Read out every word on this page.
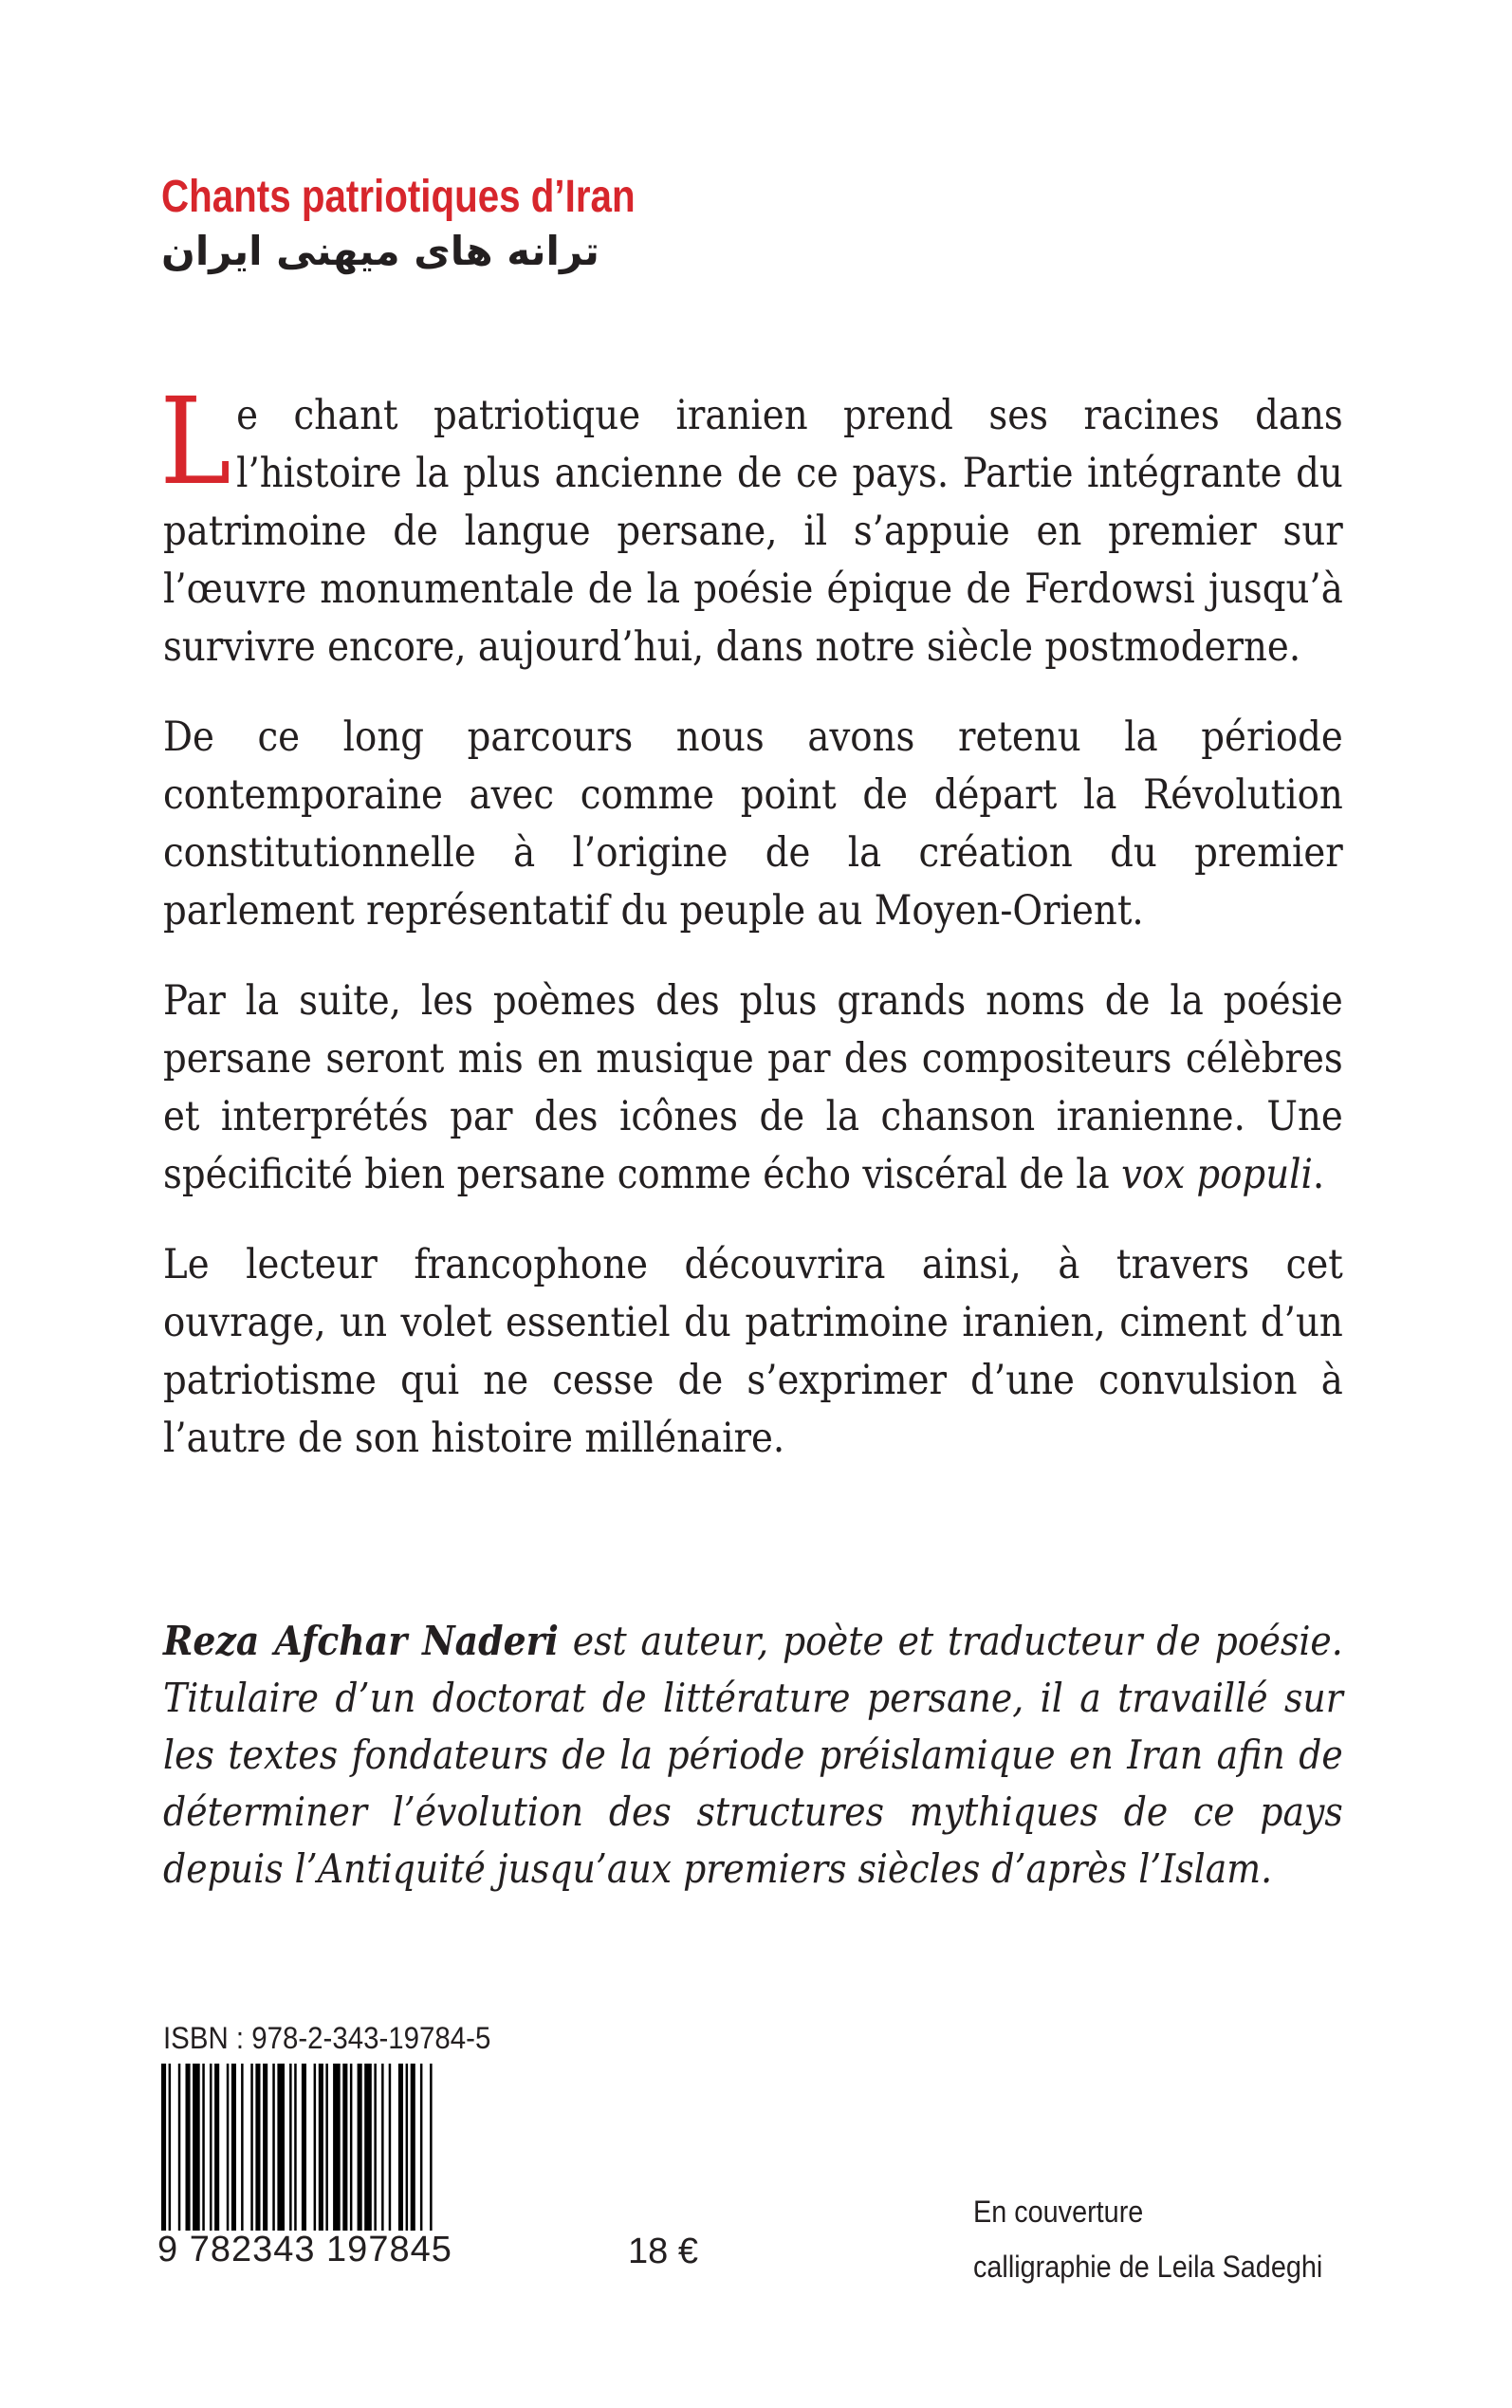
Chants patriotiques d’Iran
ترانه های میهنی ایران

Le chant patriotique iranien prend ses racines dans l’histoire la plus ancienne de ce pays. Partie intégrante du patrimoine de langue persane, il s’appuie en premier sur l’œuvre monumentale de la poésie épique de Ferdowsi jusqu’à survivre encore, aujourd’hui, dans notre siècle postmoderne.

De ce long parcours nous avons retenu la période contemporaine avec comme point de départ la Révolution constitutionnelle à l’origine de la création du premier parlement représentatif du peuple au Moyen-Orient.

Par la suite, les poèmes des plus grands noms de la poésie persane seront mis en musique par des compositeurs célèbres et interprétés par des icônes de la chanson iranienne. Une spécificité bien persane comme écho viscéral de la vox populi.

Le lecteur francophone découvrira ainsi, à travers cet ouvrage, un volet essentiel du patrimoine iranien, ciment d’un patriotisme qui ne cesse de s’exprimer d’une convulsion à l’autre de son histoire millénaire.

Reza Afchar Naderi est auteur, poète et traducteur de poésie. Titulaire d’un doctorat de littérature persane, il a travaillé sur les textes fondateurs de la période préislamique en Iran afin de déterminer l’évolution des structures mythiques de ce pays depuis l’Antiquité jusqu’aux premiers siècles d’après l’Islam.
ISBN : 978-2-343-19784-5
9 782343 197845	18 €
En couverture
calligraphie de Leila Sadeghi
